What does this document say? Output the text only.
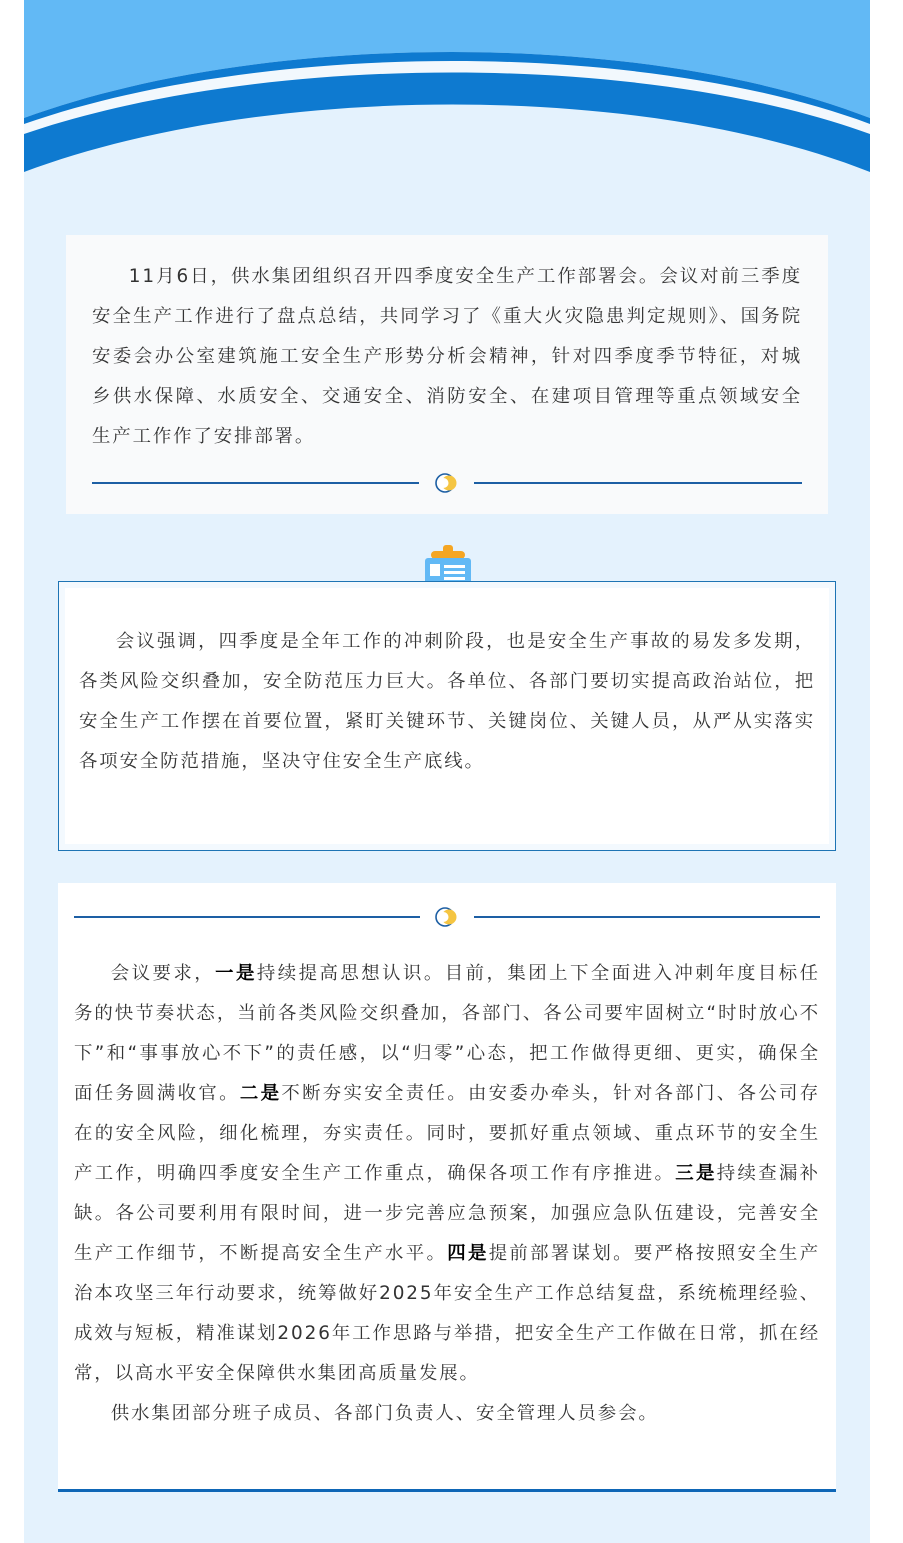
11月6日，供水集团组织召开四季度安全生产工作部署会。会议对前三季度安全生产工作进行了盘点总结，共同学习了《重大火灾隐患判定规则》、国务院安委会办公室建筑施工安全生产形势分析会精神，针对四季度季节特征，对城乡供水保障、水质安全、交通安全、消防安全、在建项目管理等重点领域安全生产工作作了安排部署。

会议强调，四季度是全年工作的冲刺阶段，也是安全生产事故的易发多发期，各类风险交织叠加，安全防范压力巨大。各单位、各部门要切实提高政治站位，把安全生产工作摆在首要位置，紧盯关键环节、关键岗位、关键人员，从严从实落实各项安全防范措施，坚决守住安全生产底线。

会议要求，一是持续提高思想认识。目前，集团上下全面进入冲刺年度目标任务的快节奏状态，当前各类风险交织叠加，各部门、各公司要牢固树立“时时放心不下”和“事事放心不下”的责任感，以“归零”心态，把工作做得更细、更实，确保全面任务圆满收官。二是不断夯实安全责任。由安委办牵头，针对各部门、各公司存在的安全风险，细化梳理，夯实责任。同时，要抓好重点领域、重点环节的安全生产工作，明确四季度安全生产工作重点，确保各项工作有序推进。三是持续查漏补缺。各公司要利用有限时间，进一步完善应急预案，加强应急队伍建设，完善安全生产工作细节，不断提高安全生产水平。四是提前部署谋划。要严格按照安全生产治本攻坚三年行动要求，统筹做好2025年安全生产工作总结复盘，系统梳理经验、成效与短板，精准谋划2026年工作思路与举措，把安全生产工作做在日常，抓在经常，以高水平安全保障供水集团高质量发展。

供水集团部分班子成员、各部门负责人、安全管理人员参会。
